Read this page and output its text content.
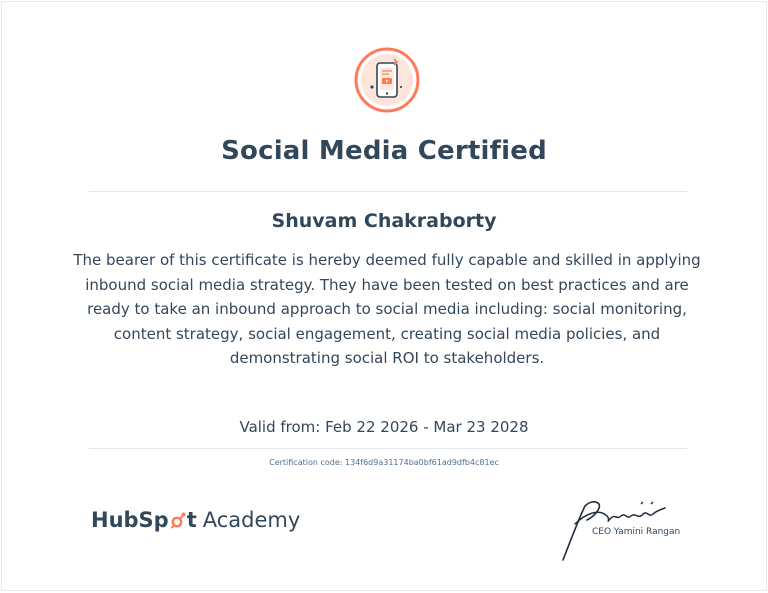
Social Media Certified
Shuvam Chakraborty

The bearer of this certificate is hereby deemed fully capable and skilled in applying inbound social media strategy. They have been tested on best practices and are ready to take an inbound approach to social media including: social monitoring, content strategy, social engagement, creating social media policies, and demonstrating social ROI to stakeholders.

Valid from: Feb 22 2026 - Mar 23 2028
Certification code: 134f6d9a31174ba0bf61ad9dfb4c81ec
HubSp t Academy	CEO Yamini Rangan
